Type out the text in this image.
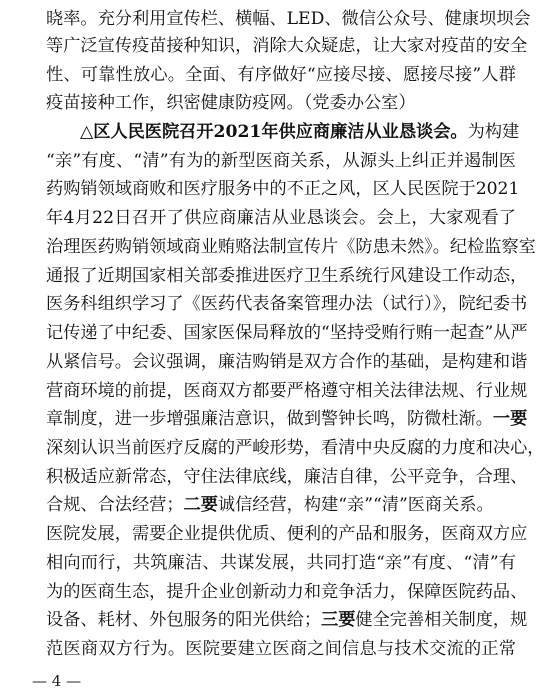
晓率。充分利用宣传栏、横幅、LED、微信公众号、健康坝坝会
等广泛宣传疫苗接种知识，消除大众疑虑，让大家对疫苗的安全
性、可靠性放心。全面、有序做好“应接尽接、愿接尽接”人群
疫苗接种工作，织密健康防疫网。（党委办公室）
△区人民医院召开2021年供应商廉洁从业恳谈会。为构建
“亲”有度、“清”有为的新型医商关系，从源头上纠正并遏制医
药购销领域商败和医疗服务中的不正之风，区人民医院于2021
年4月22日召开了供应商廉洁从业恳谈会。会上，大家观看了
治理医药购销领域商业贿赂法制宣传片《防患未然》。纪检监察室
通报了近期国家相关部委推进医疗卫生系统行风建设工作动态，
医务科组织学习了《医药代表备案管理办法（试行）》，院纪委书
记传递了中纪委、国家医保局释放的“坚持受贿行贿一起查”从严
从紧信号。会议强调，廉洁购销是双方合作的基础，是构建和谐
营商环境的前提，医商双方都要严格遵守相关法律法规、行业规
章制度，进一步增强廉洁意识，做到警钟长鸣，防微杜渐。一要
深刻认识当前医疗反腐的严峻形势，看清中央反腐的力度和决心，
积极适应新常态，守住法律底线，廉洁自律，公平竞争，合理、
合规、合法经营；二要诚信经营，构建“亲”“清”医商关系。
医院发展，需要企业提供优质、便利的产品和服务，医商双方应
相向而行，共筑廉洁、共谋发展，共同打造“亲”有度、“清”有
为的医商生态，提升企业创新动力和竞争活力，保障医院药品、
设备、耗材、外包服务的阳光供给；三要健全完善相关制度，规
范医商双方行为。医院要建立医商之间信息与技术交流的正常
— 4 —
